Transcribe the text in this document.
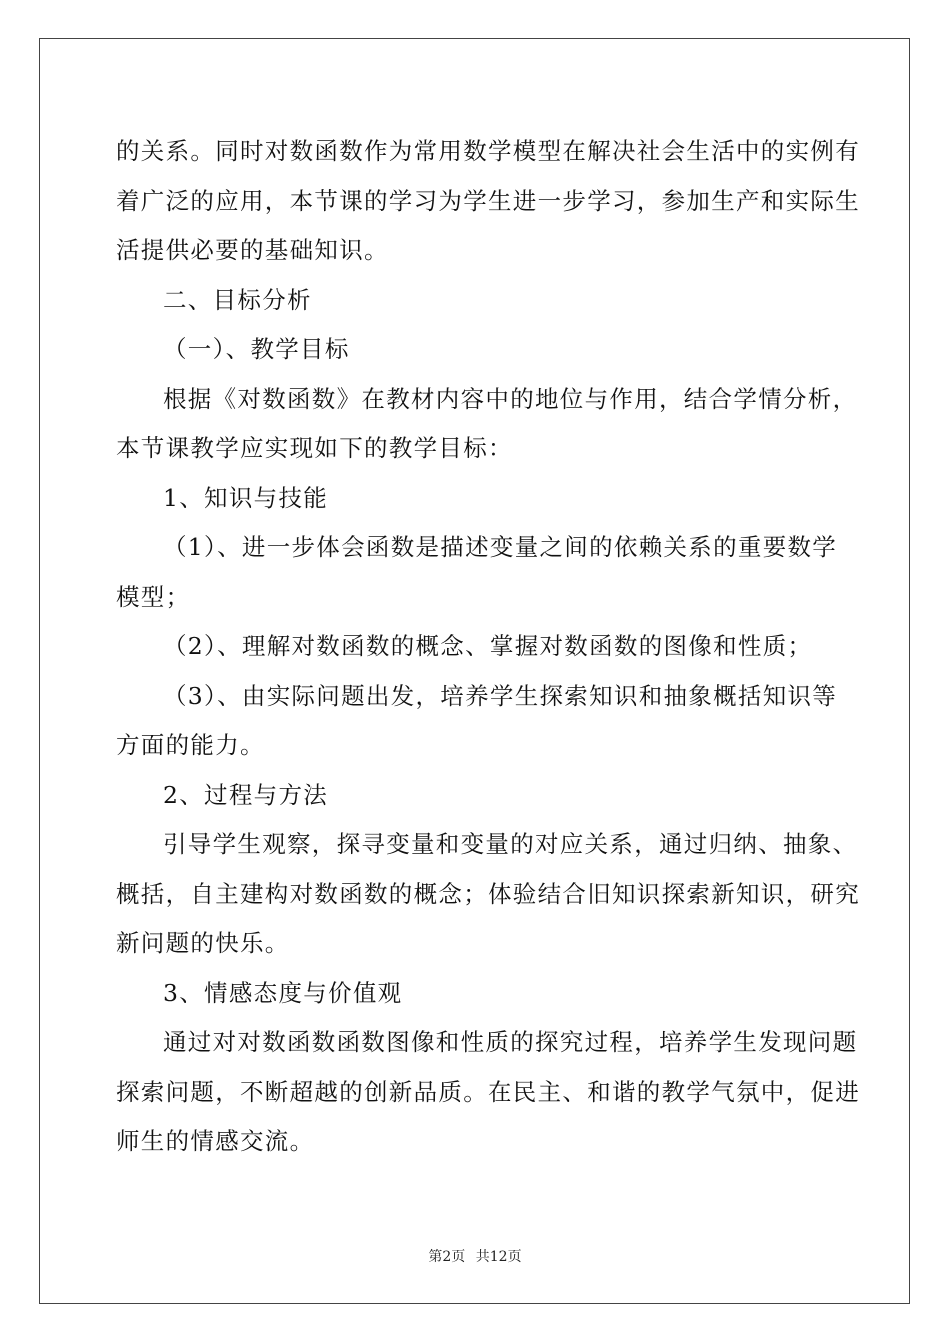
的关系。同时对数函数作为常用数学模型在解决社会生活中的实例有
着广泛的应用，本节课的学习为学生进一步学习，参加生产和实际生
活提供必要的基础知识。
二、目标分析
（一）、教学目标
根据《对数函数》在教材内容中的地位与作用，结合学情分析，
本节课教学应实现如下的教学目标：
1、知识与技能
（1）、进一步体会函数是描述变量之间的依赖关系的重要数学
模型；
（2）、理解对数函数的概念、掌握对数函数的图像和性质；
（3）、由实际问题出发，培养学生探索知识和抽象概括知识等
方面的能力。
2、过程与方法
引导学生观察，探寻变量和变量的对应关系，通过归纳、抽象、
概括，自主建构对数函数的概念；体验结合旧知识探索新知识，研究
新问题的快乐。
3、情感态度与价值观
通过对对数函数函数图像和性质的探究过程，培养学生发现问题
探索问题，不断超越的创新品质。在民主、和谐的教学气氛中，促进
师生的情感交流。
第2页 共12页
